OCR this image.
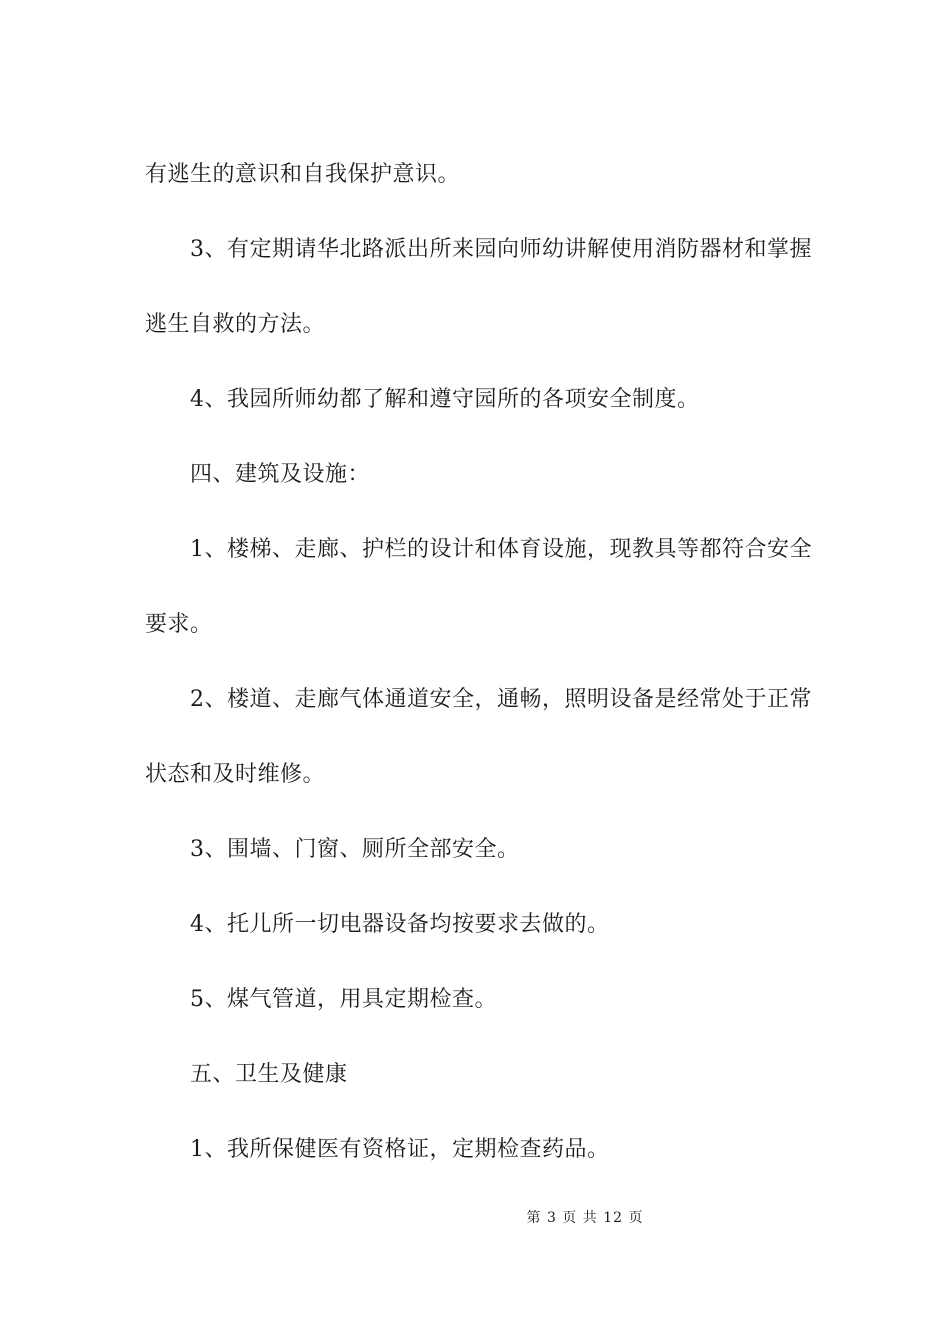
有逃生的意识和自我保护意识。

3、有定期请华北路派出所来园向师幼讲解使用消防器材和掌握

逃生自救的方法。

4、我园所师幼都了解和遵守园所的各项安全制度。

四、建筑及设施：

1、楼梯、走廊、护栏的设计和体育设施，现教具等都符合安全

要求。

2、楼道、走廊气体通道安全，通畅，照明设备是经常处于正常

状态和及时维修。

3、围墙、门窗、厕所全部安全。

4、托儿所一切电器设备均按要求去做的。

5、煤气管道，用具定期检查。

五、卫生及健康

1、我所保健医有资格证，定期检查药品。

第 3 页 共 12 页
